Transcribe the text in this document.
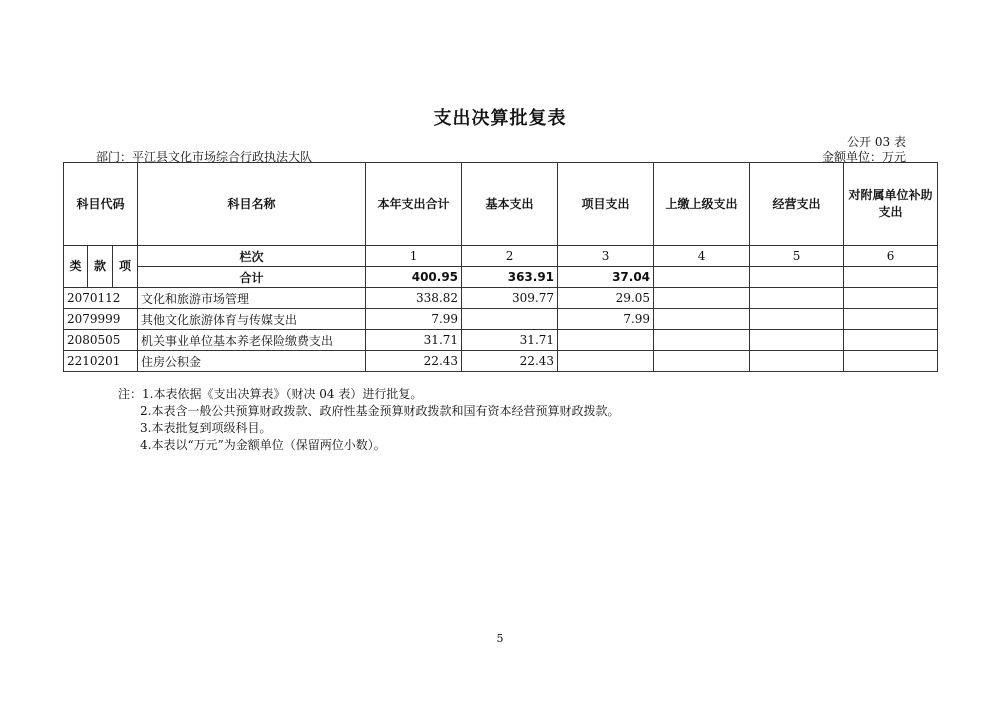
支出决算批复表
公开 03 表
部门：平江县文化市场综合行政执法大队	金额单位：万元
科目代码			科目名称	本年支出合计	基本支出	项目支出	上缴上级支出	经营支出	对附属单位补助支出
类	款	项	栏次	1	2	3	4	5	6
			合计	400.95	363.91	37.04			
2070112			文化和旅游市场管理	338.82	309.77	29.05			
2079999			其他文化旅游体育与传媒支出	7.99		7.99			
2080505			机关事业单位基本养老保险缴费支出	31.71	31.71				
2210201			住房公积金	22.43	22.43				
注：1.本表依据《支出决算表》（财决 04 表）进行批复。
2.本表含一般公共预算财政拨款、政府性基金预算财政拨款和国有资本经营预算财政拨款。
3.本表批复到项级科目。
4.本表以“万元”为金额单位（保留两位小数）。
5
